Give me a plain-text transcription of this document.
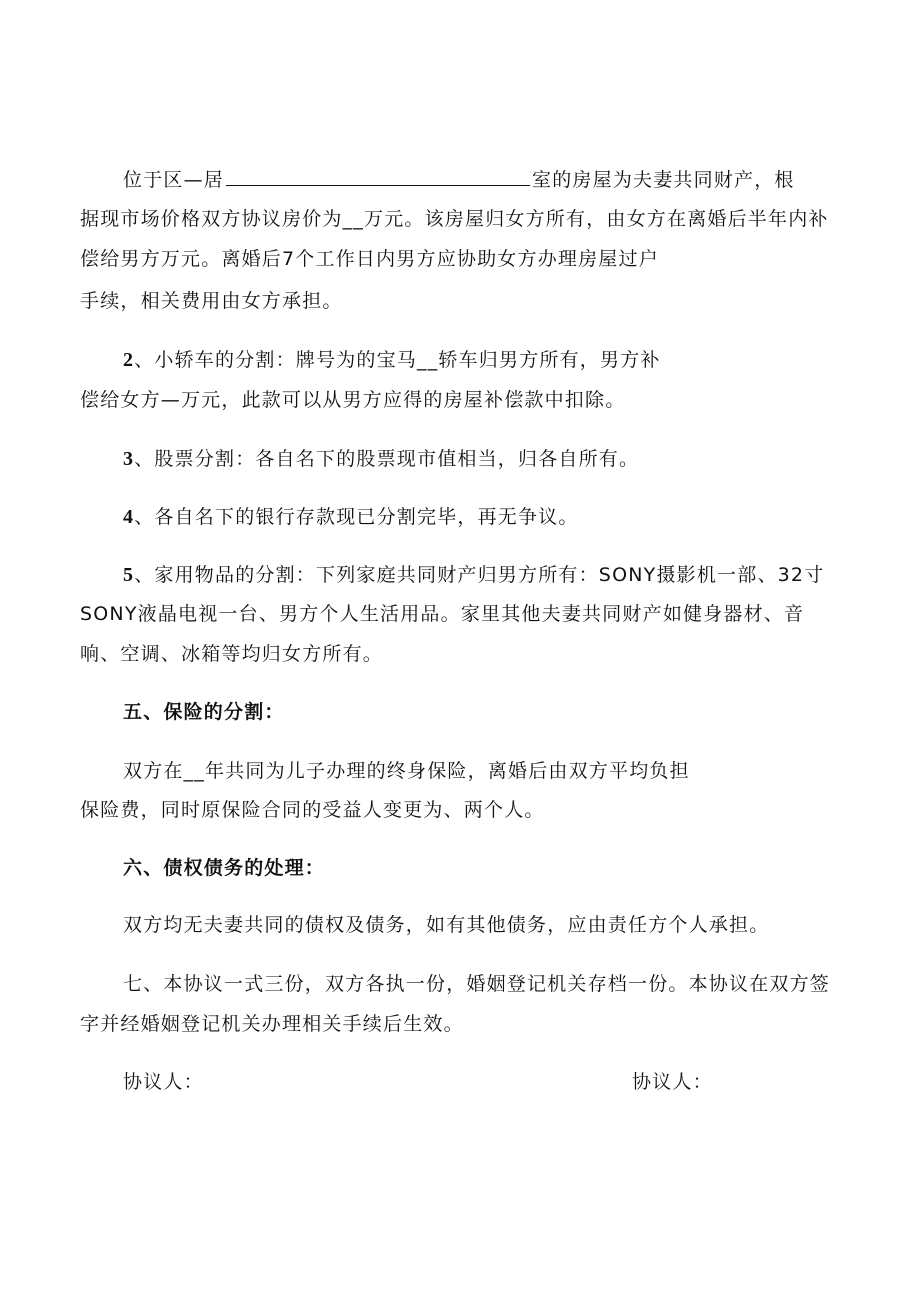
位于区—居	室的房屋为夫妻共同财产，根
据现市场价格双方协议房价为__万元。该房屋归女方所有，由女方在离婚后半年内补
偿给男方万元。离婚后7个工作日内男方应协助女方办理房屋过户
手续，相关费用由女方承担。
2、小轿车的分割：牌号为的宝马__轿车归男方所有，男方补
偿给女方—万元，此款可以从男方应得的房屋补偿款中扣除。
3、股票分割：各自名下的股票现市值相当，归各自所有。
4、各自名下的银行存款现已分割完毕，再无争议。
5、家用物品的分割：下列家庭共同财产归男方所有：SONY摄影机一部、32寸
SONY液晶电视一台、男方个人生活用品。家里其他夫妻共同财产如健身器材、音
响、空调、冰箱等均归女方所有。
五、保险的分割：
双方在__年共同为儿子办理的终身保险，离婚后由双方平均负担
保险费，同时原保险合同的受益人变更为、两个人。
六、债权债务的处理：
双方均无夫妻共同的债权及债务，如有其他债务，应由责任方个人承担。
七、本协议一式三份，双方各执一份，婚姻登记机关存档一份。本协议在双方签
字并经婚姻登记机关办理相关手续后生效。
协议人：	协议人：
